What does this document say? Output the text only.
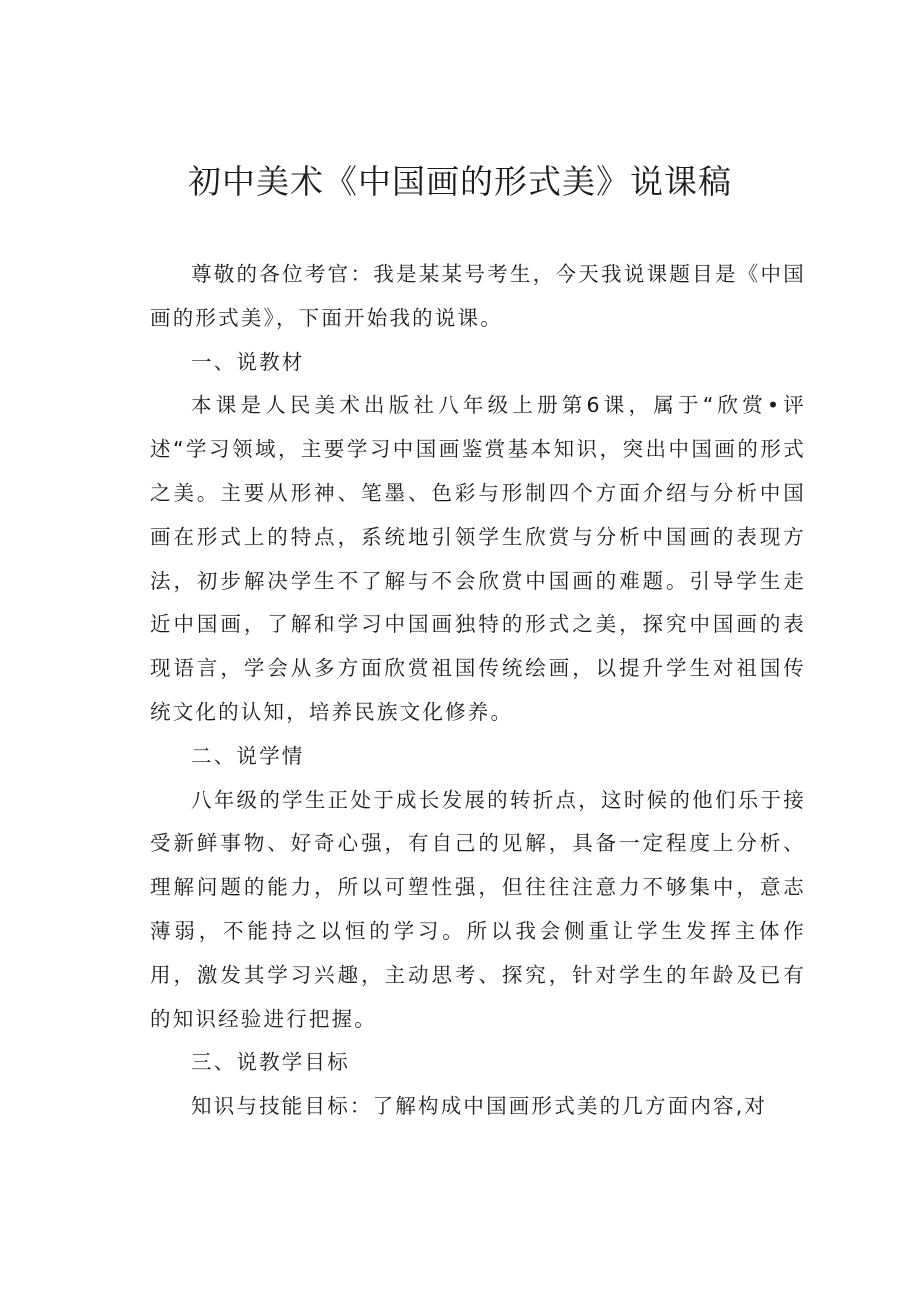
初中美术《中国画的形式美》说课稿

尊敬的各位考官：我是某某号考生，今天我说课题目是《中国画的形式美》，下面开始我的说课。

一、说教材

本课是人民美术出版社八年级上册第6课，属于“欣赏•评述“学习领域，主要学习中国画鉴赏基本知识，突出中国画的形式之美。主要从形神、笔墨、色彩与形制四个方面介绍与分析中国画在形式上的特点，系统地引领学生欣赏与分析中国画的表现方法，初步解决学生不了解与不会欣赏中国画的难题。引导学生走近中国画，了解和学习中国画独特的形式之美，探究中国画的表现语言，学会从多方面欣赏祖国传统绘画，以提升学生对祖国传统文化的认知，培养民族文化修养。

二、说学情

八年级的学生正处于成长发展的转折点，这时候的他们乐于接受新鲜事物、好奇心强，有自己的见解，具备一定程度上分析、理解问题的能力，所以可塑性强，但往往注意力不够集中，意志薄弱，不能持之以恒的学习。所以我会侧重让学生发挥主体作用，激发其学习兴趣，主动思考、探究，针对学生的年龄及已有的知识经验进行把握。

三、说教学目标

知识与技能目标：了解构成中国画形式美的几方面内容,对
